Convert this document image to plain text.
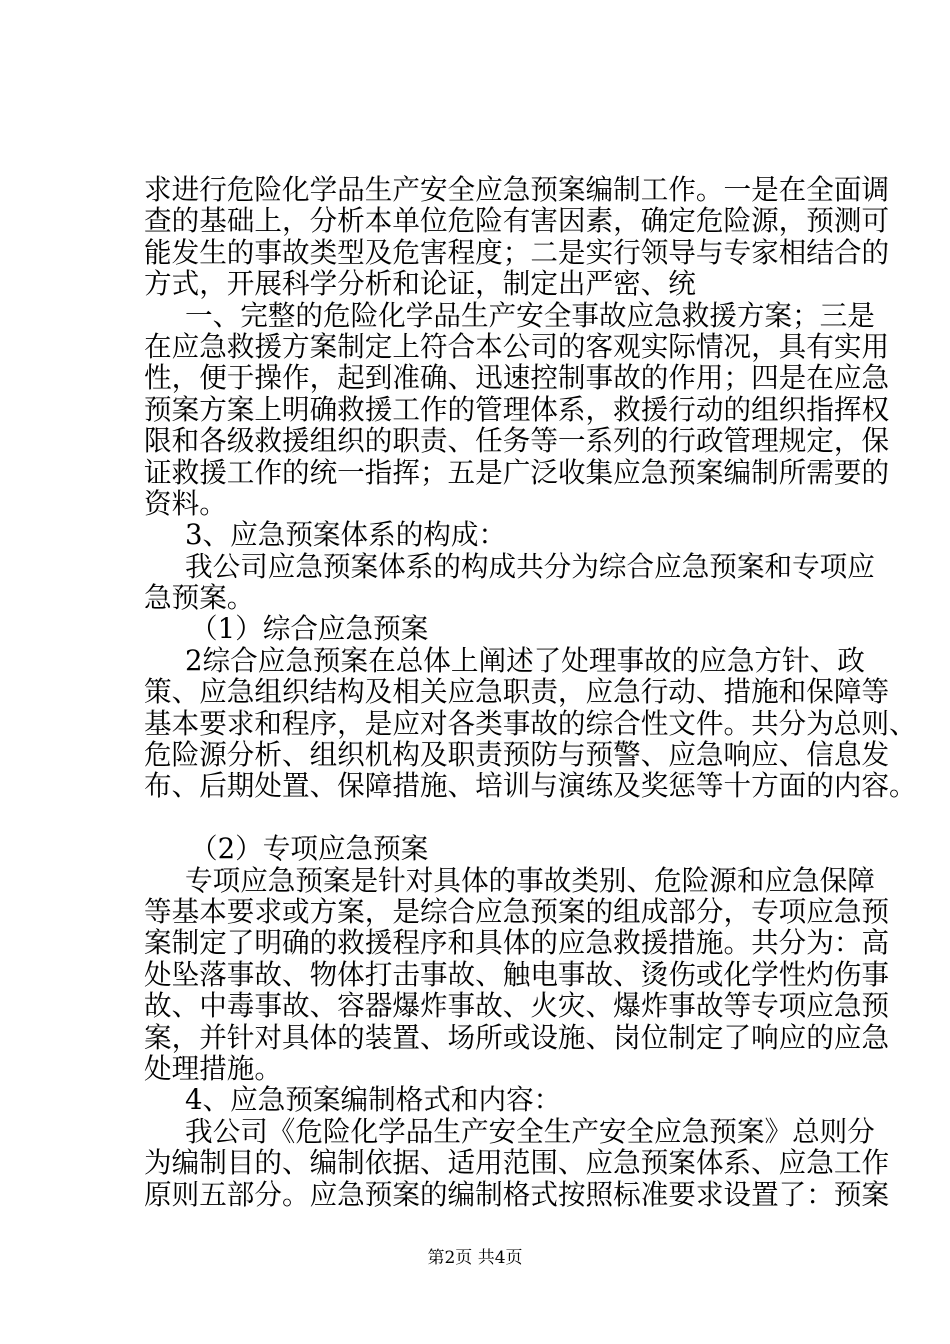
求进行危险化学品生产安全应急预案编制工作。一是在全面调
查的基础上，分析本单位危险有害因素，确定危险源，预测可
能发生的事故类型及危害程度；二是实行领导与专家相结合的
方式，开展科学分析和论证，制定出严密、统
一、完整的危险化学品生产安全事故应急救援方案；三是
在应急救援方案制定上符合本公司的客观实际情况，具有实用
性，便于操作，起到准确、迅速控制事故的作用；四是在应急
预案方案上明确救援工作的管理体系，救援行动的组织指挥权
限和各级救援组织的职责、任务等一系列的行政管理规定，保
证救援工作的统一指挥；五是广泛收集应急预案编制所需要的
资料。
3、应急预案体系的构成：
我公司应急预案体系的构成共分为综合应急预案和专项应
急预案。
（1）综合应急预案
2综合应急预案在总体上阐述了处理事故的应急方针、政
策、应急组织结构及相关应急职责，应急行动、措施和保障等
基本要求和程序，是应对各类事故的综合性文件。共分为总则、
危险源分析、组织机构及职责预防与预警、应急响应、信息发
布、后期处置、保障措施、培训与演练及奖惩等十方面的内容。
（2）专项应急预案
专项应急预案是针对具体的事故类别、危险源和应急保障
等基本要求或方案，是综合应急预案的组成部分，专项应急预
案制定了明确的救援程序和具体的应急救援措施。共分为：高
处坠落事故、物体打击事故、触电事故、烫伤或化学性灼伤事
故、中毒事故、容器爆炸事故、火灾、爆炸事故等专项应急预
案，并针对具体的装置、场所或设施、岗位制定了响应的应急
处理措施。
4、应急预案编制格式和内容：
我公司《危险化学品生产安全生产安全应急预案》总则分
为编制目的、编制依据、适用范围、应急预案体系、应急工作
原则五部分。应急预案的编制格式按照标准要求设置了：预案
第2页 共4页
